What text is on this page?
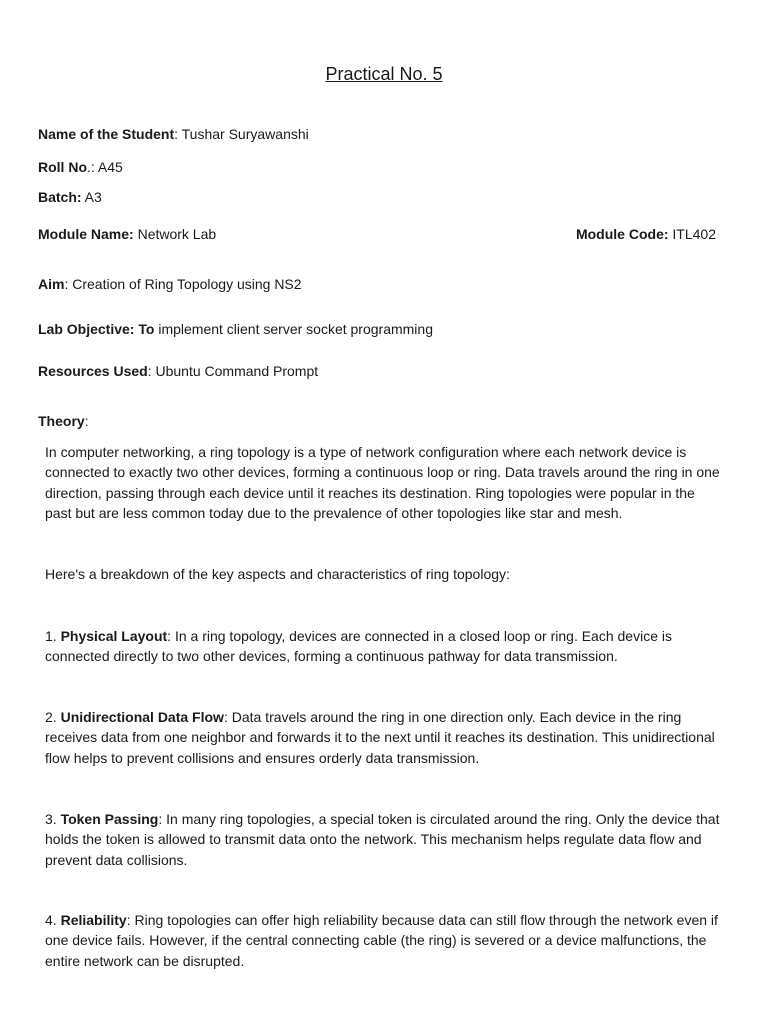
Practical No. 5
Name of the Student: Tushar Suryawanshi
Roll No.: A45
Batch: A3
Module Name: Network Lab	Module Code: ITL402
Aim: Creation of Ring Topology using NS2
Lab Objective: To implement client server socket programming
Resources Used: Ubuntu Command Prompt
Theory:
In computer networking, a ring topology is a type of network configuration where each network device is connected to exactly two other devices, forming a continuous loop or ring. Data travels around the ring in one direction, passing through each device until it reaches its destination. Ring topologies were popular in the past but are less common today due to the prevalence of other topologies like star and mesh.
Here's a breakdown of the key aspects and characteristics of ring topology:
1. Physical Layout: In a ring topology, devices are connected in a closed loop or ring. Each device is connected directly to two other devices, forming a continuous pathway for data transmission.
2. Unidirectional Data Flow: Data travels around the ring in one direction only. Each device in the ring receives data from one neighbor and forwards it to the next until it reaches its destination. This unidirectional flow helps to prevent collisions and ensures orderly data transmission.
3. Token Passing: In many ring topologies, a special token is circulated around the ring. Only the device that holds the token is allowed to transmit data onto the network. This mechanism helps regulate data flow and prevent data collisions.
4. Reliability: Ring topologies can offer high reliability because data can still flow through the network even if one device fails. However, if the central connecting cable (the ring) is severed or a device malfunctions, the entire network can be disrupted.
